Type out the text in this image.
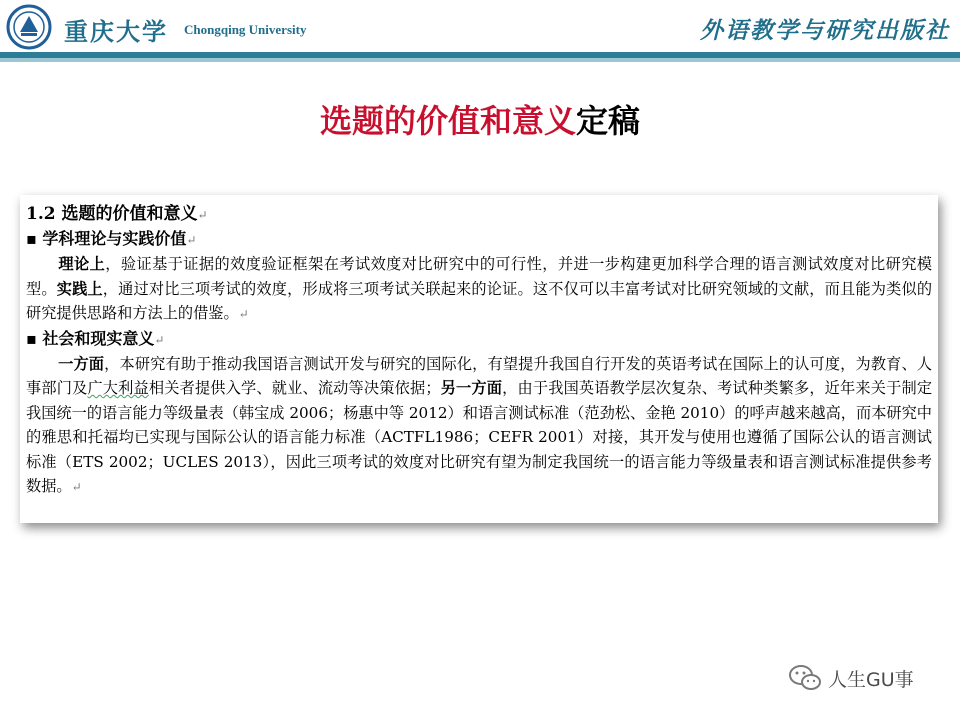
重庆大学 Chongqing University	外语教学与研究出版社
选题的价值和意义定稿

1.2 选题的价值和意义↵

▪ 学科理论与实践价值↵

理论上，验证基于证据的效度验证框架在考试效度对比研究中的可行性，并进一步构建更加科学合理的语言测试效度对比研究模型。实践上，通过对比三项考试的效度，形成将三项考试关联起来的论证。这不仅可以丰富考试对比研究领域的文献，而且能为类似的研究提供思路和方法上的借鉴。↵

▪ 社会和现实意义↵

一方面，本研究有助于推动我国语言测试开发与研究的国际化，有望提升我国自行开发的英语考试在国际上的认可度，为教育、人事部门及广大利益相关者提供入学、就业、流动等决策依据；另一方面，由于我国英语教学层次复杂、考试种类繁多，近年来关于制定我国统一的语言能力等级量表（韩宝成 2006；杨惠中等 2012）和语言测试标准（范劲松、金艳 2010）的呼声越来越高，而本研究中的雅思和托福均已实现与国际公认的语言能力标准（ACTFL1986；CEFR 2001）对接，其开发与使用也遵循了国际公认的语言测试标准（ETS 2002；UCLES 2013），因此三项考试的效度对比研究有望为制定我国统一的语言能力等级量表和语言测试标准提供参考数据。↵

人生GU事
